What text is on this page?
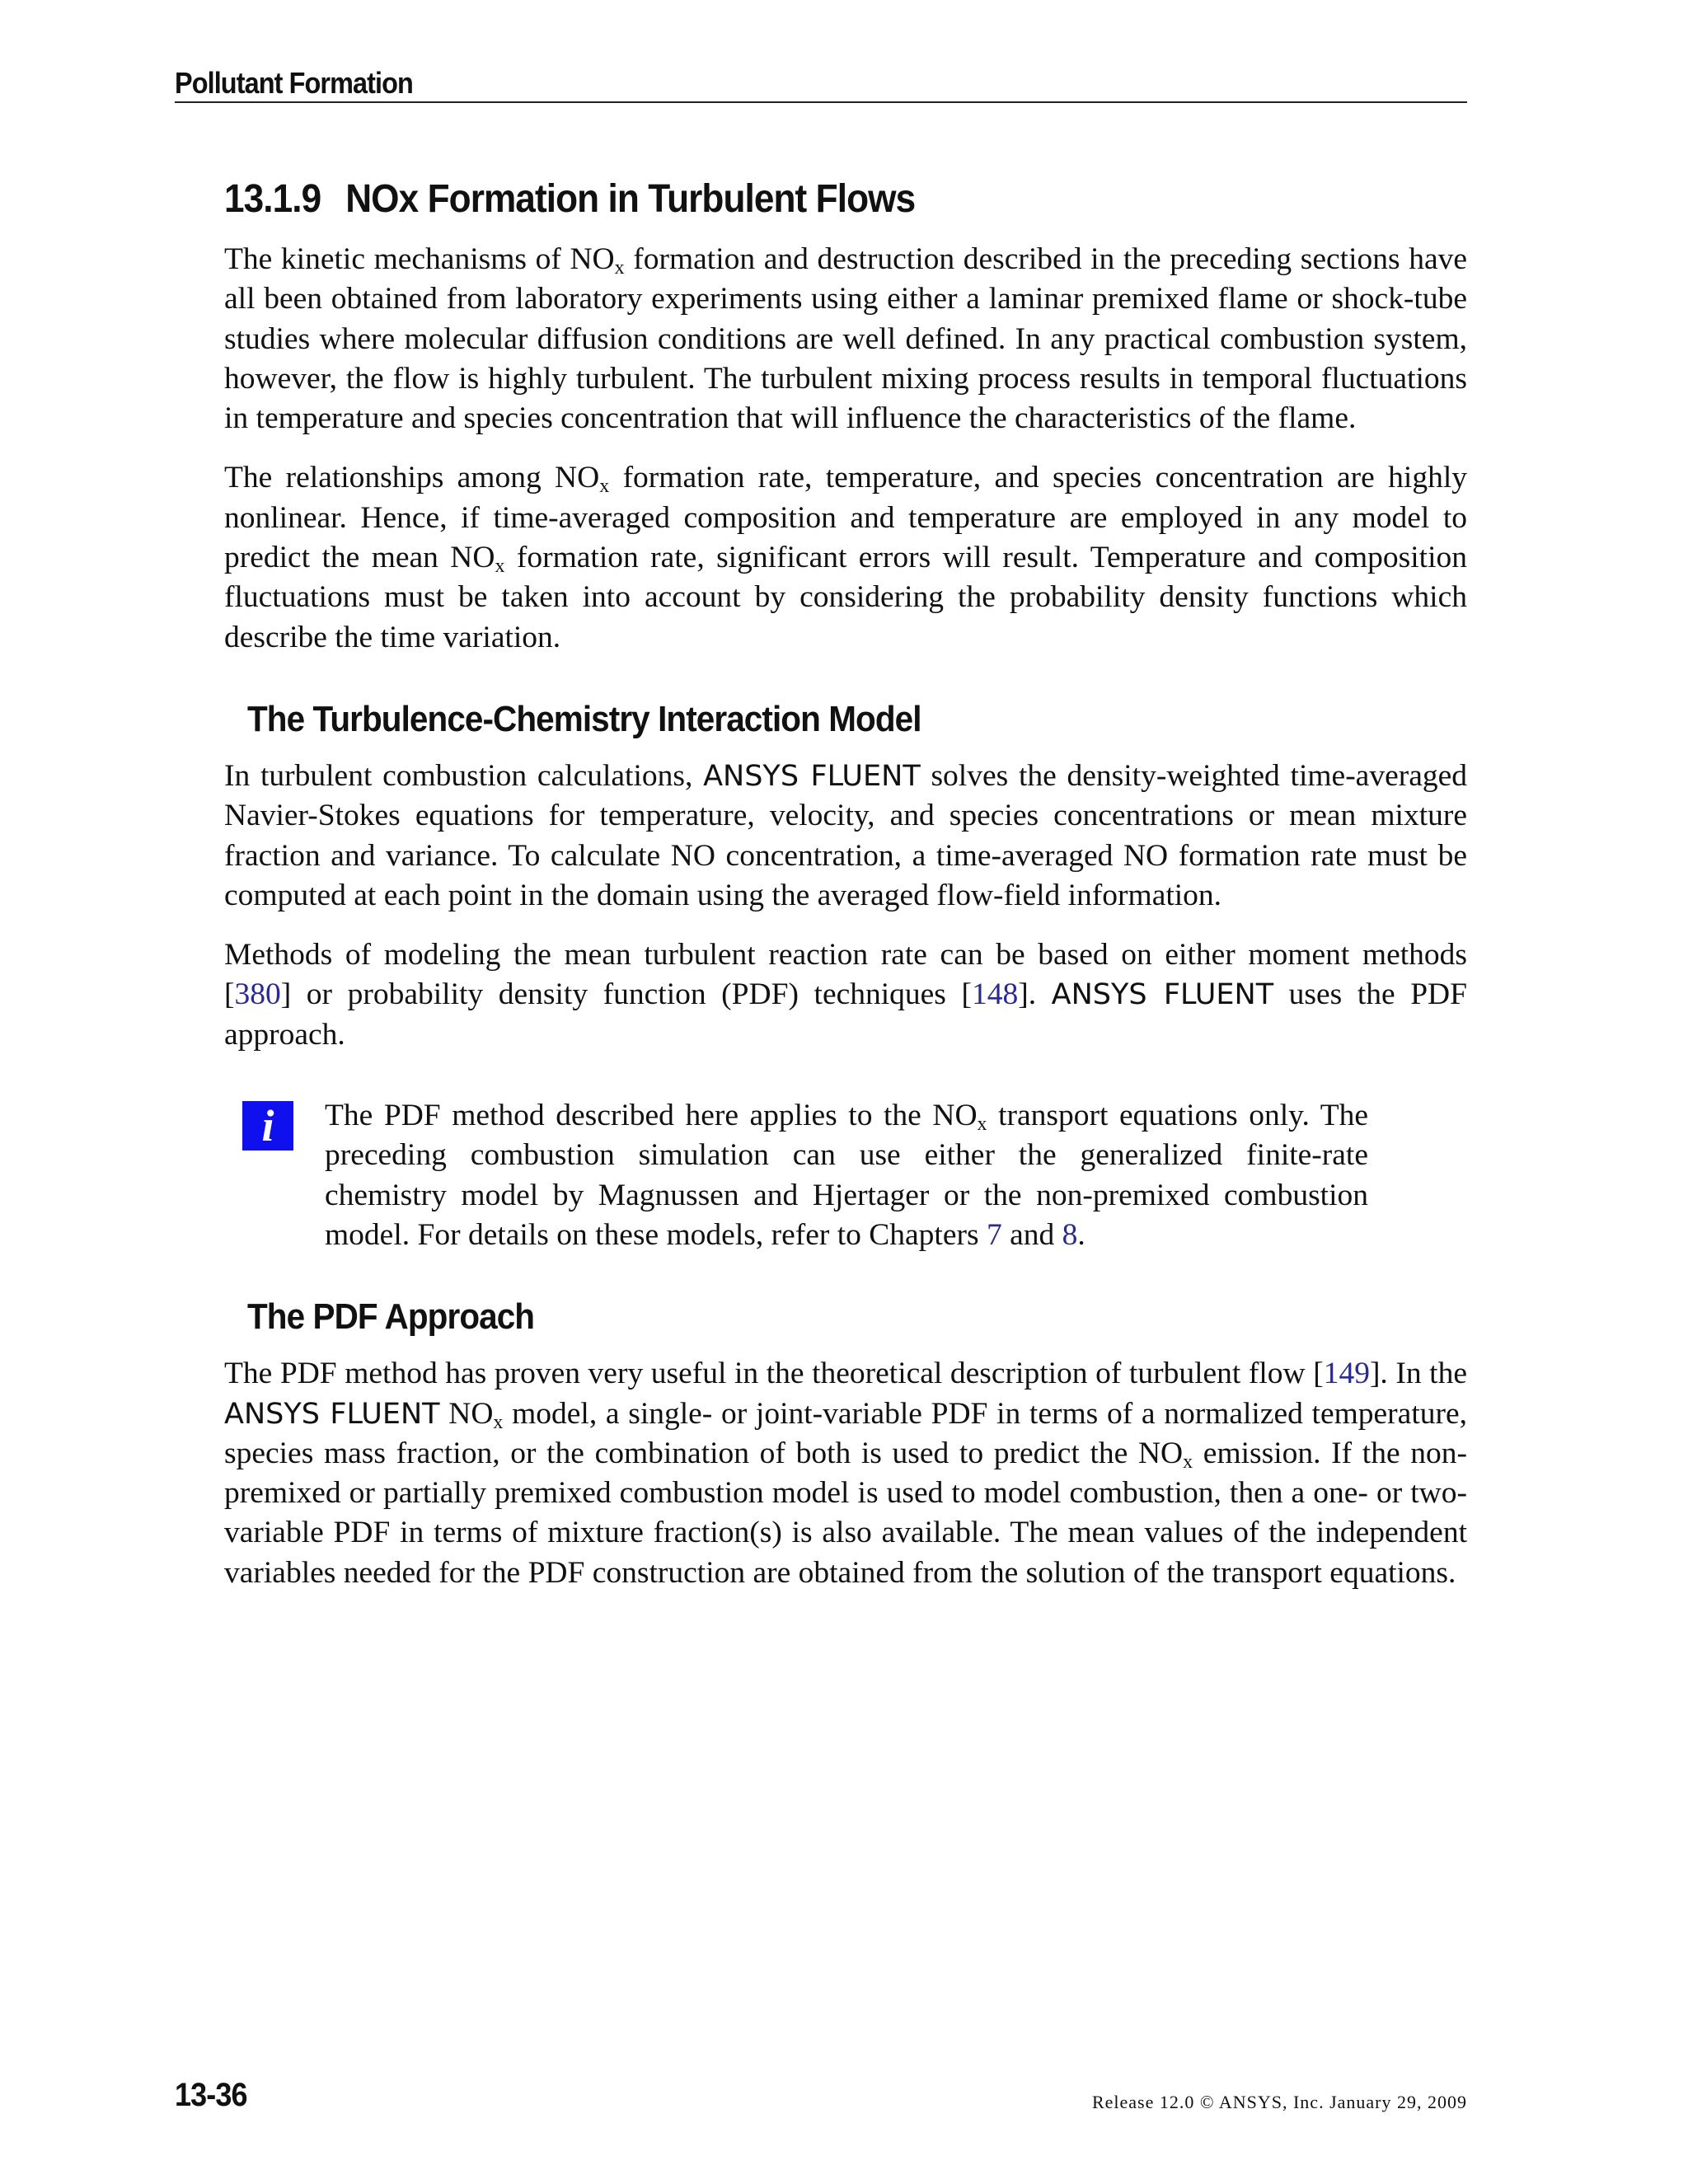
Pollutant Formation
13.1.9 NOx Formation in Turbulent Flows

The kinetic mechanisms of $NO_x$ formation and destruction described in the preceding sections have all been obtained from laboratory experiments using either a laminar premixed flame or shock-tube studies where molecular diffusion conditions are well defined. In any practical combustion system, however, the flow is highly turbulent. The turbulent mixing process results in temporal fluctuations in temperature and species concentration that will influence the characteristics of the flame.

The relationships among $NO_x$ formation rate, temperature, and species concentration are highly nonlinear. Hence, if time-averaged composition and temperature are employed in any model to predict the mean $NO_x$ formation rate, significant errors will result. Temperature and composition fluctuations must be taken into account by considering the probability density functions which describe the time variation.

The Turbulence-Chemistry Interaction Model

In turbulent combustion calculations, ANSYS FLUENT solves the density-weighted time-averaged Navier-Stokes equations for temperature, velocity, and species concentrations or mean mixture fraction and variance. To calculate NO concentration, a time-averaged NO formation rate must be computed at each point in the domain using the averaged flow-field information.

Methods of modeling the mean turbulent reaction rate can be based on either moment methods [380] or probability density function (PDF) techniques [148]. ANSYS FLUENT uses the PDF approach.

i	The PDF method described here applies to the $NO_x$ transport equations only. The preceding combustion simulation can use either the generalized finite-rate chemistry model by Magnussen and Hjertager or the non-premixed combustion model. For details on these models, refer to Chapters 7 and 8.

The PDF Approach

The PDF method has proven very useful in the theoretical description of turbulent flow [149]. In the ANSYS FLUENT $NO_x$ model, a single- or joint-variable PDF in terms of a normalized temperature, species mass fraction, or the combination of both is used to predict the $NO_x$ emission. If the non-premixed or partially premixed combustion model is used to model combustion, then a one- or two-variable PDF in terms of mixture fraction(s) is also available. The mean values of the independent variables needed for the PDF construction are obtained from the solution of the transport equations.

13-36	Release 12.0 © ANSYS, Inc. January 29, 2009
